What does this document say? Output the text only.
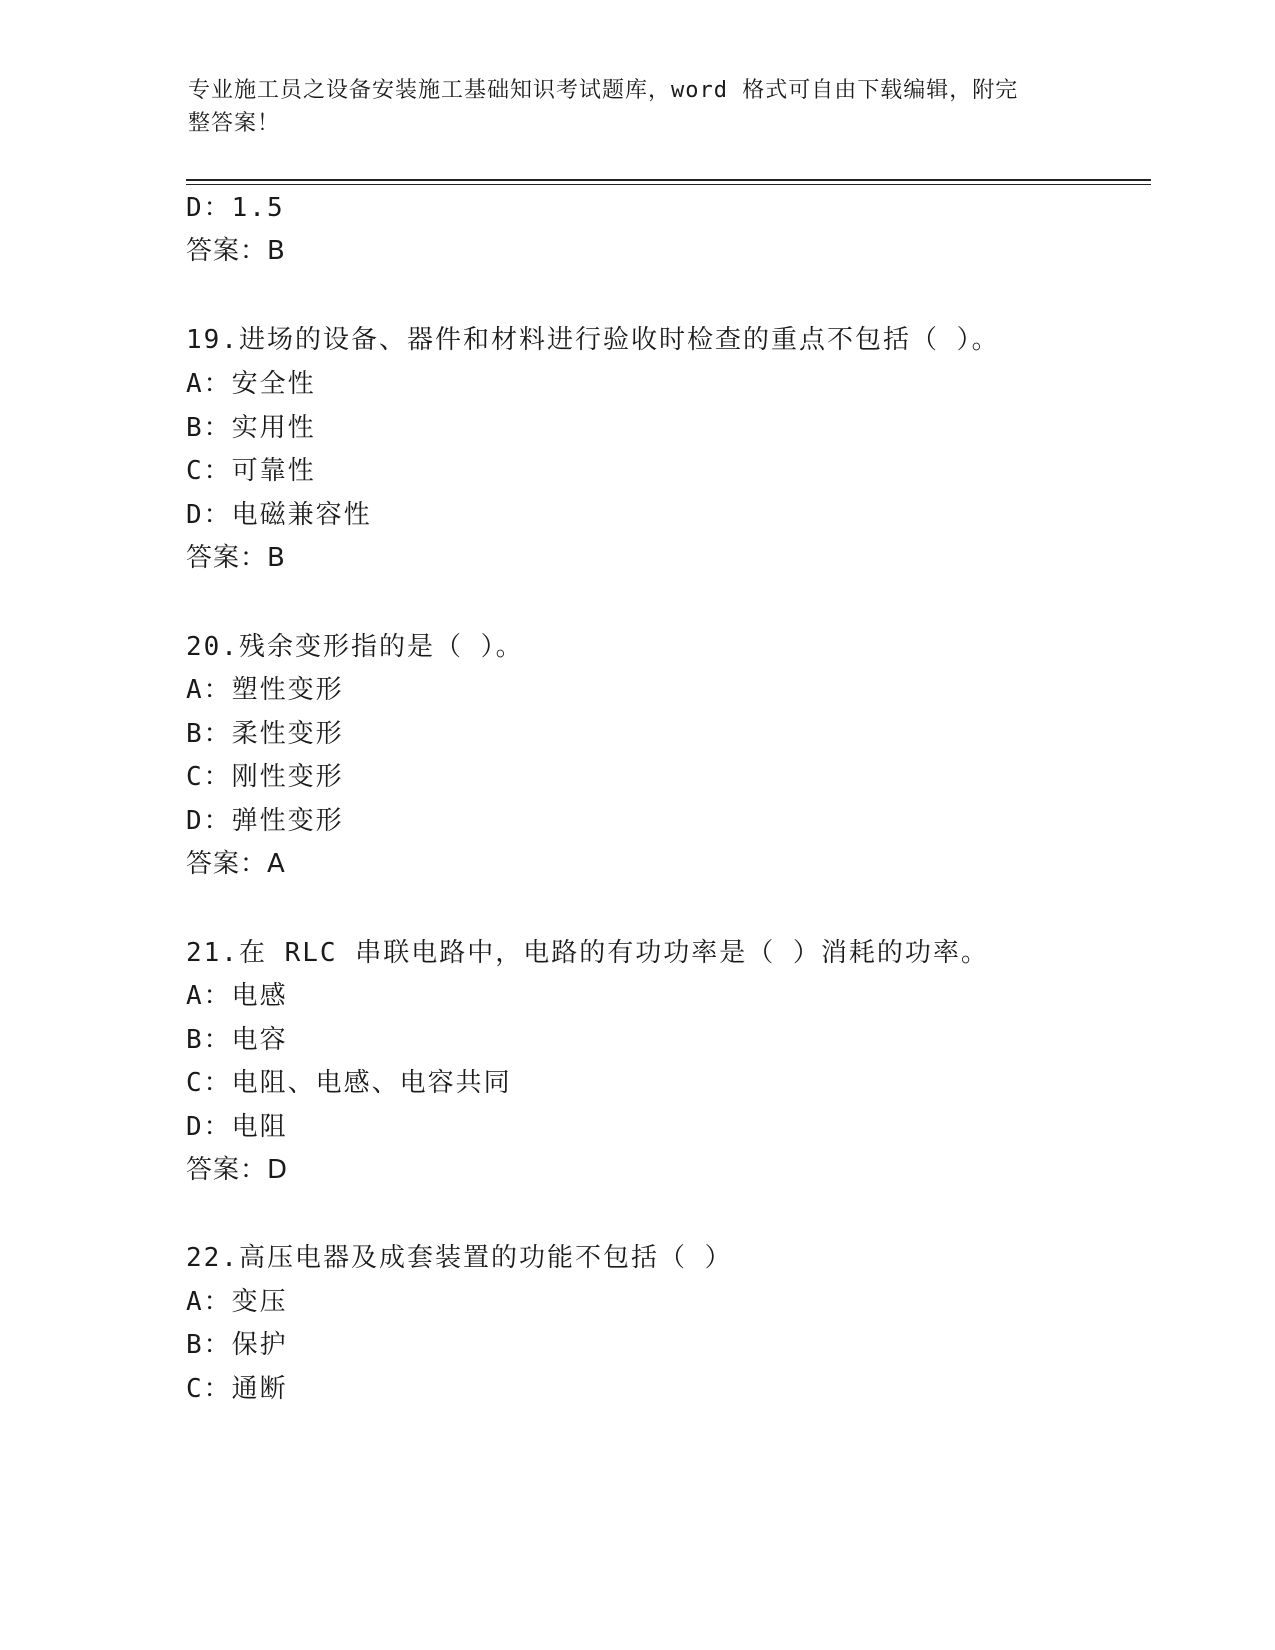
专业施工员之设备安装施工基础知识考试题库，word 格式可自由下载编辑，附完
整答案！
D：1.5
答案：B
19.进场的设备、器件和材料进行验收时检查的重点不包括（ ）。
A：安全性
B：实用性
C：可靠性
D：电磁兼容性
答案：B
20.残余变形指的是（ ）。
A：塑性变形
B：柔性变形
C：刚性变形
D：弹性变形
答案：A
21.在 RLC 串联电路中，电路的有功功率是（ ）消耗的功率。
A：电感
B：电容
C：电阻、电感、电容共同
D：电阻
答案：D
22.高压电器及成套装置的功能不包括（ ）
A：变压
B：保护
C：通断
